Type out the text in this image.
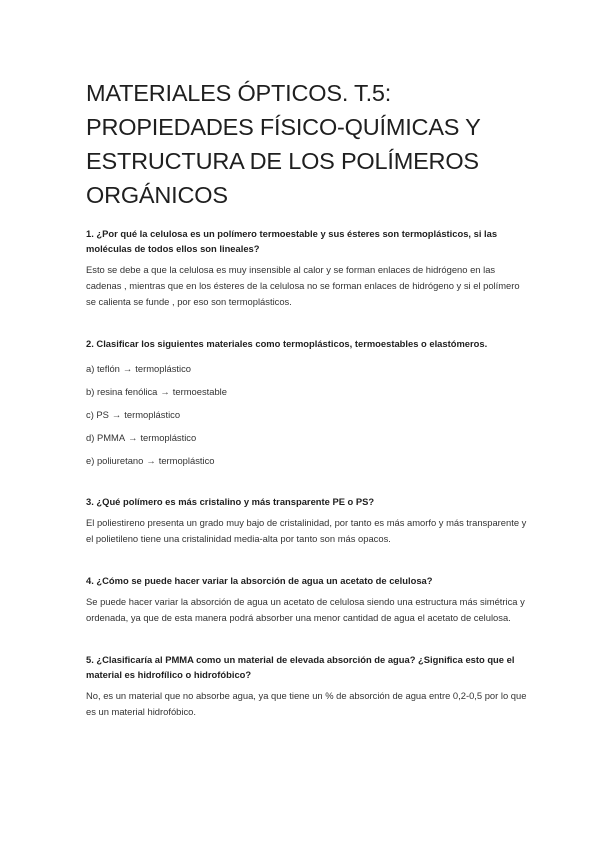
MATERIALES ÓPTICOS. T.5:
PROPIEDADES FÍSICO-QUÍMICAS Y
ESTRUCTURA DE LOS POLÍMEROS
ORGÁNICOS

1. ¿Por qué la celulosa es un polímero termoestable y sus ésteres son termoplásticos, si las moléculas de todos ellos son lineales?

Esto se debe a que la celulosa es muy insensible al calor y se forman enlaces de hidrógeno en las cadenas , mientras que en los ésteres de la celulosa no se forman enlaces de hidrógeno y si el polímero se calienta se funde , por eso son termoplásticos.

2. Clasificar los siguientes materiales como termoplásticos, termoestables o elastómeros.

a) teflón → termoplástico
b) resina fenólica → termoestable
c) PS → termoplástico
d) PMMA → termoplástico
e) poliuretano → termoplástico

3. ¿Qué polímero es más cristalino y más transparente PE o PS?

El poliestireno presenta un grado muy bajo de cristalinidad, por tanto es más amorfo y más transparente y el polietileno tiene una cristalinidad media-alta por tanto son más opacos.

4. ¿Cómo se puede hacer variar la absorción de agua un acetato de celulosa?

Se puede hacer variar la absorción de agua un acetato de celulosa siendo una estructura más simétrica y ordenada, ya que de esta manera podrá absorber una menor cantidad de agua el acetato de celulosa.

5. ¿Clasificaría al PMMA como un material de elevada absorción de agua? ¿Significa esto que el material es hidrofílico o hidrofóbico?

No, es un material que no absorbe agua, ya que tiene un % de absorción de agua entre 0,2-0,5 por lo que es un material hidrofóbico.
